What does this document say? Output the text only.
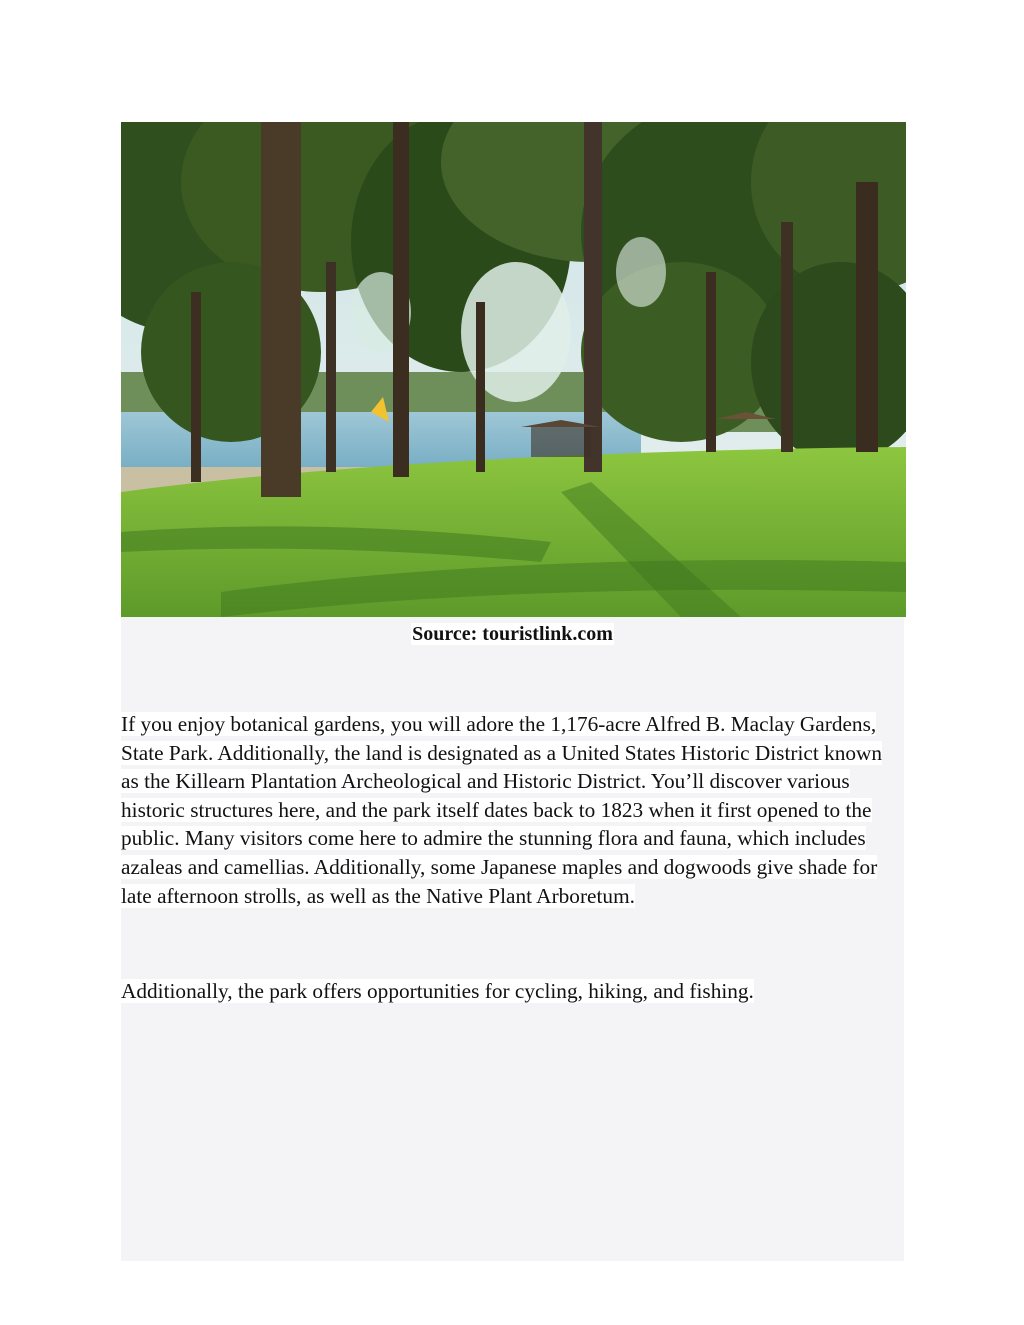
Source: touristlink.com

If you enjoy botanical gardens, you will adore the 1,176-acre Alfred B. Maclay Gardens,
State Park. Additionally, the land is designated as a United States Historic District known
as the Killearn Plantation Archeological and Historic District. You’ll discover various
historic structures here, and the park itself dates back to 1823 when it first opened to the
public. Many visitors come here to admire the stunning flora and fauna, which includes
azaleas and camellias. Additionally, some Japanese maples and dogwoods give shade for
late afternoon strolls, as well as the Native Plant Arboretum.

Additionally, the park offers opportunities for cycling, hiking, and fishing.
